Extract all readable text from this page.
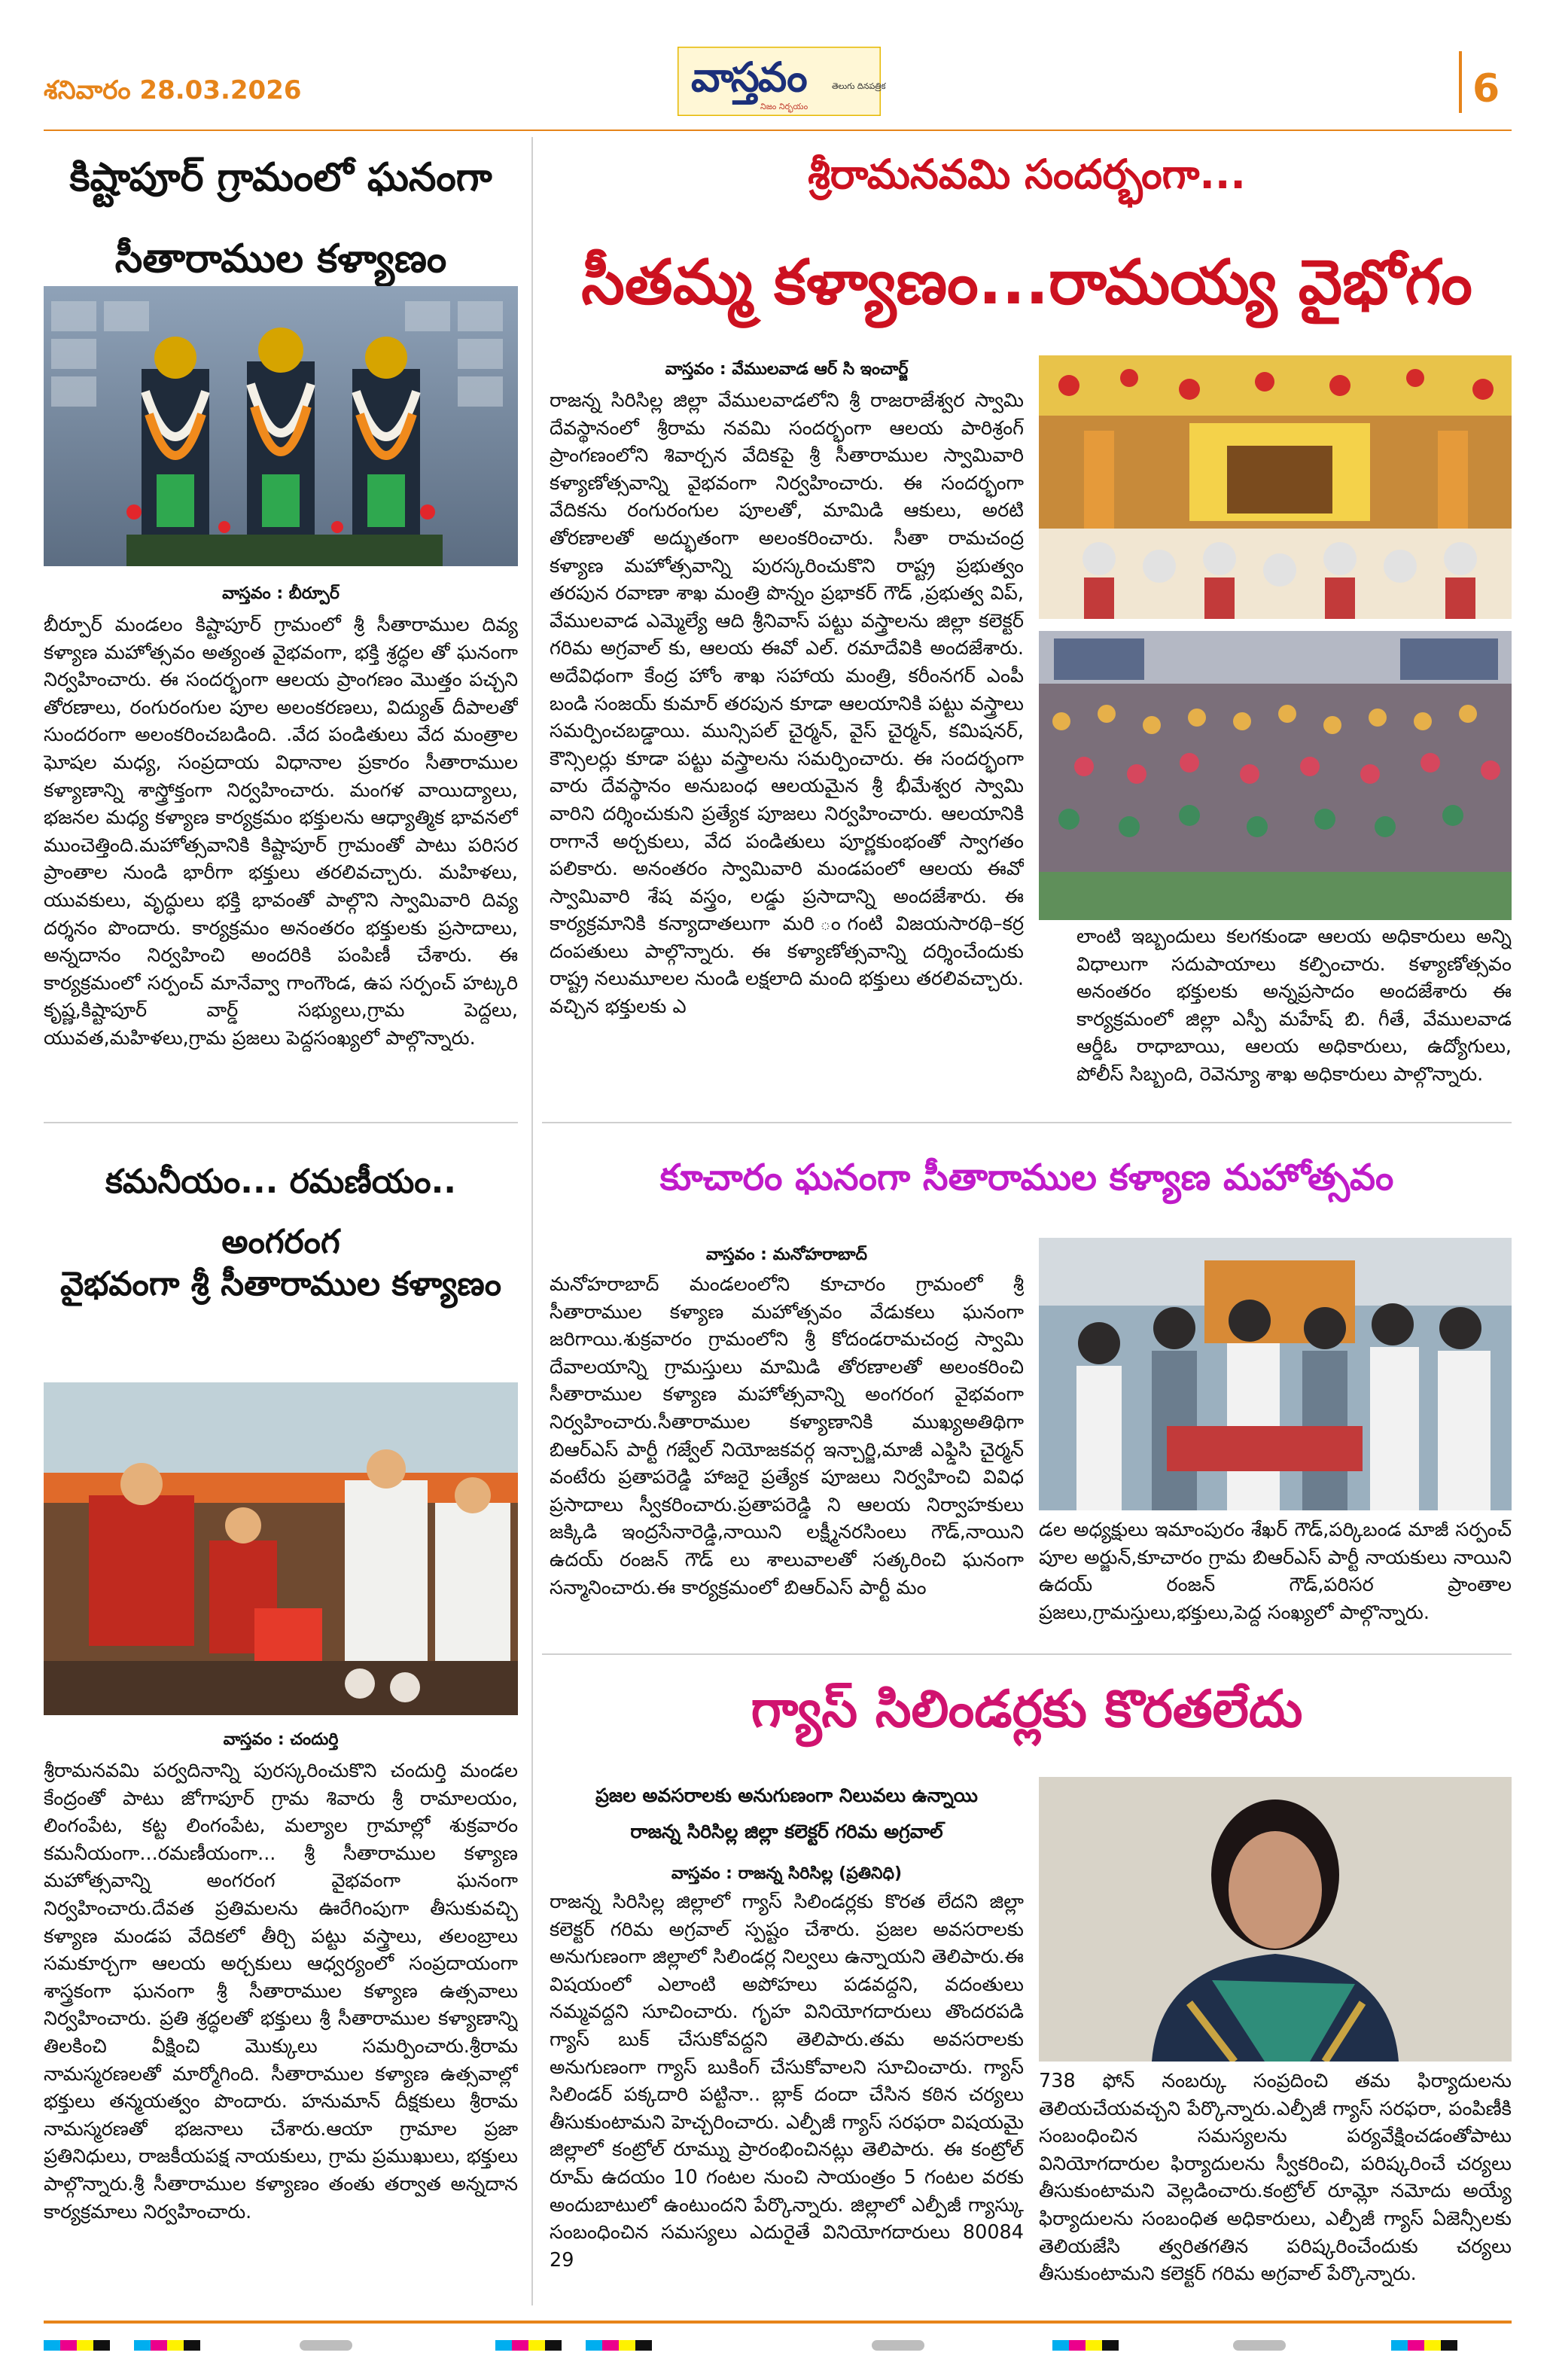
శనివారం 28.03.2026	వాస్తవం	తెలుగు దినపత్రిక
నిజం నిర్భయం	6
కిష్టాపూర్ గ్రామంలో ఘనంగా సీతారాముల కళ్యాణం
వాస్తవం : బీర్పూర్
బీర్పూర్ మండలం కిష్టాపూర్ గ్రామంలో శ్రీ సీతారాముల దివ్య కళ్యాణ మహోత్సవం అత్యంత వైభవంగా, భక్తి శ్రద్ధల తో ఘనంగా నిర్వహించారు. ఈ సందర్భంగా ఆలయ ప్రాంగణం మొత్తం పచ్చని తోరణాలు, రంగురంగుల పూల అలంకరణలు, విద్యుత్ దీపాలతో సుందరంగా అలంకరించబడింది. .వేద పండితులు వేద మంత్రాల ఘోషల మధ్య, సంప్రదాయ విధానాల ప్రకారం సీతారాముల కళ్యాణాన్ని శాస్త్రోక్తంగా నిర్వహించారు. మంగళ వాయిద్యాలు, భజనల మధ్య కళ్యాణ కార్యక్రమం భక్తులను ఆధ్యాత్మిక భావనలో ముంచెత్తింది.మహోత్సవానికి కిష్టాపూర్ గ్రామంతో పాటు పరిసర ప్రాంతాల నుండి భారీగా భక్తులు తరలివచ్చారు. మహిళలు, యువకులు, వృద్ధులు భక్తి భావంతో పాల్గొని స్వామివారి దివ్య దర్శనం పొందారు. కార్యక్రమం అనంతరం భక్తులకు ప్రసాదాలు, అన్నదానం నిర్వహించి అందరికి పంపిణీ చేశారు. ఈ కార్యక్రమంలో సర్పంచ్ మానేవ్వా గాంగౌండ, ఉప సర్పంచ్ హట్కరి కృష్ణ,కిష్టాపూర్ వార్డ్ సభ్యులు,గ్రామ పెద్దలు, యువత,మహిళలు,గ్రామ ప్రజలు పెద్దసంఖ్యలో పాల్గొన్నారు.
శ్రీరామనవమి సందర్భంగా...
సీతమ్మ కళ్యాణం...రామయ్య వైభోగం
వాస్తవం : వేములవాడ ఆర్ సి ఇంచార్జ్
రాజన్న సిరిసిల్ల జిల్లా వేములవాడలోని శ్రీ రాజరాజేశ్వర స్వామి దేవస్థానంలో శ్రీరామ నవమి సందర్భంగా ఆలయ పారిశ్రంగ్ ప్రాంగణంలోని శివార్చన వేదికపై శ్రీ సీతారాముల స్వామివారి కళ్యాణోత్సవాన్ని వైభవంగా నిర్వహించారు. ఈ సందర్భంగా వేదికను రంగురంగుల పూలతో, మామిడి ఆకులు, అరటి తోరణాలతో అద్భుతంగా అలంకరించారు. సీతా రామచంద్ర కళ్యాణ మహోత్సవాన్ని పురస్కరించుకొని రాష్ట్ర ప్రభుత్వం తరపున రవాణా శాఖ మంత్రి పొన్నం ప్రభాకర్ గౌడ్ ,ప్రభుత్వ విప్, వేములవాడ ఎమ్మెల్యే ఆది శ్రీనివాస్ పట్టు వస్త్రాలను జిల్లా కలెక్టర్ గరిమ అగ్రవాల్ కు, ఆలయ ఈవో ఎల్. రమాదేవికి అందజేశారు. అదేవిధంగా కేంద్ర హోం శాఖ సహాయ మంత్రి, కరీంనగర్ ఎంపీ బండి సంజయ్ కుమార్ తరపున కూడా ఆలయానికి పట్టు వస్త్రాలు సమర్పించబడ్డాయి. మున్సిపల్ చైర్మన్, వైస్ చైర్మన్, కమిషనర్, కౌన్సిలర్లు కూడా పట్టు వస్త్రాలను సమర్పించారు. ఈ సందర్భంగా వారు దేవస్థానం అనుబంధ ఆలయమైన శ్రీ భీమేశ్వర స్వామి వారిని దర్శించుకుని ప్రత్యేక పూజలు నిర్వహించారు. ఆలయానికి రాగానే అర్చకులు, వేద పండితులు పూర్ణకుంభంతో స్వాగతం పలికారు. అనంతరం స్వామివారి మండపంలో ఆలయ ఈవో స్వామివారి శేష వస్త్రం, లడ్డు ప్రసాదాన్ని అందజేశారు. ఈ కార్యక్రమానికి కన్యాదాతలుగా మరి ంగంటి విజయసారథి–కర్ర దంపతులు పాల్గొన్నారు. ఈ కళ్యాణోత్సవాన్ని దర్శించేందుకు రాష్ట్ర నలుమూలల నుండి లక్షలాది మంది భక్తులు తరలివచ్చారు. వచ్చిన భక్తులకు ఎ
లాంటి ఇబ్బందులు కలగకుండా ఆలయ అధికారులు అన్ని విధాలుగా సదుపాయాలు కల్పించారు. కళ్యాణోత్సవం అనంతరం భక్తులకు అన్నప్రసాదం అందజేశారు ఈ కార్యక్రమంలో జిల్లా ఎస్పీ మహేష్ బి. గీతే, వేములవాడ ఆర్డీఓ రాధాబాయి, ఆలయ అధికారులు, ఉద్యోగులు, పోలీస్ సిబ్బంది, రెవెన్యూ శాఖ అధికారులు పాల్గొన్నారు.
కమనీయం... రమణీయం.. అంగరంగ
వైభవంగా శ్రీ సీతారాముల కళ్యాణం
వాస్తవం : చందుర్తి
శ్రీరామనవమి పర్వదినాన్ని పురస్కరించుకొని చందుర్తి మండల కేంద్రంతో పాటు జోగాపూర్ గ్రామ శివారు శ్రీ రామాలయం, లింగంపేట, కట్ట లింగంపేట, మల్యాల గ్రామాల్లో శుక్రవారం కమనీయంగా...రమణీయంగా... శ్రీ సీతారాముల కళ్యాణ మహోత్సవాన్ని అంగరంగ వైభవంగా ఘనంగా నిర్వహించారు.దేవత ప్రతిమలను ఊరేగింపుగా తీసుకువచ్చి కళ్యాణ మండప వేదికలో తీర్చి పట్టు వస్త్రాలు, తలంబ్రాలు సమకూర్చగా ఆలయ అర్చకులు ఆధ్వర్యంలో సంప్రదాయంగా శాస్త్రకంగా ఘనంగా శ్రీ సీతారాముల కళ్యాణ ఉత్సవాలు నిర్వహించారు. ప్రతి శ్రద్ధలతో భక్తులు శ్రీ సీతారాముల కళ్యాణాన్ని తిలకించి వీక్షించి మొక్కులు సమర్పించారు.శ్రీరామ నామస్మరణలతో మార్మోగింది. సీతారాముల కళ్యాణ ఉత్సవాల్లో భక్తులు తన్మయత్వం పొందారు. హనుమాన్ దీక్షకులు శ్రీరామ నామస్మరణతో భజనాలు చేశారు.ఆయా గ్రామాల ప్రజా ప్రతినిధులు, రాజకీయపక్ష నాయకులు, గ్రామ ప్రముఖులు, భక్తులు పాల్గొన్నారు.శ్రీ సీతారాముల కళ్యాణం తంతు తర్వాత అన్నదాన కార్యక్రమాలు నిర్వహించారు.
కూచారం ఘనంగా సీతారాముల కళ్యాణ మహోత్సవం
వాస్తవం : మనోహరాబాద్
మనోహరాబాద్ మండలంలోని కూచారం గ్రామంలో శ్రీ సీతారాముల కళ్యాణ మహోత్సవం వేడుకలు ఘనంగా జరిగాయి.శుక్రవారం గ్రామంలోని శ్రీ కోదండరామచంద్ర స్వామి దేవాలయాన్ని గ్రామస్తులు మామిడి తోరణాలతో అలంకరించి సీతారాముల కళ్యాణ మహోత్సవాన్ని అంగరంగ వైభవంగా నిర్వహించారు.సీతారాముల కళ్యాణానికి ముఖ్యఅతిథిగా బిఆర్ఎస్ పార్టీ గజ్వేల్ నియోజకవర్గ ఇన్చార్జి,మాజీ ఎఫ్డిసి చైర్మన్ వంటేరు ప్రతాపరెడ్డి హాజరై ప్రత్యేక పూజలు నిర్వహించి వివిధ ప్రసాదాలు స్వీకరించారు.ప్రతాపరెడ్డి ని ఆలయ నిర్వాహకులు జక్కిడి ఇంద్రసేనారెడ్డి,నాయిని లక్ష్మీనరసింలు గౌడ్,నాయిని ఉదయ్ రంజన్ గౌడ్ లు శాలువాలతో సత్కరించి ఘనంగా సన్మానించారు.ఈ కార్యక్రమంలో బిఆర్ఎస్ పార్టీ మం
డల అధ్యక్షులు ఇమాంపురం శేఖర్ గౌడ్,పర్కిబండ మాజీ సర్పంచ్ పూల అర్జున్,కూచారం గ్రామ బిఆర్ఎస్ పార్టీ నాయకులు నాయిని ఉదయ్ రంజన్ గౌడ్,పరిసర ప్రాంతాల ప్రజలు,గ్రామస్తులు,భక్తులు,పెద్ద సంఖ్యలో పాల్గొన్నారు.
గ్యాస్ సిలిండర్లకు కొరతలేదు
ప్రజల అవసరాలకు అనుగుణంగా నిలువలు ఉన్నాయి
రాజన్న సిరిసిల్ల జిల్లా కలెక్టర్ గరిమ అగ్రవాల్
వాస్తవం : రాజన్న సిరిసిల్ల (ప్రతినిధి)
రాజన్న సిరిసిల్ల జిల్లాలో గ్యాస్ సిలిండర్లకు కొరత లేదని జిల్లా కలెక్టర్ గరిమ అగ్రవాల్ స్పష్టం చేశారు. ప్రజల అవసరాలకు అనుగుణంగా జిల్లాలో సిలిండర్ల నిల్వలు ఉన్నాయని తెలిపారు.ఈ విషయంలో ఎలాంటి అపోహలు పడవద్దని, వదంతులు నమ్మవద్దని సూచించారు. గృహ వినియోగదారులు తొందరపడి గ్యాస్ బుక్ చేసుకోవద్దని తెలిపారు.తమ అవసరాలకు అనుగుణంగా గ్యాస్ బుకింగ్ చేసుకోవాలని సూచించారు. గ్యాస్ సిలిండర్ పక్కదారి పట్టినా.. బ్లాక్ దందా చేసిన కఠిన చర్యలు తీసుకుంటామని హెచ్చరించారు. ఎల్పీజీ గ్యాస్ సరఫరా విషయమై జిల్లాలో కంట్రోల్ రూమ్ను ప్రారంభించినట్లు తెలిపారు. ఈ కంట్రోల్ రూమ్ ఉదయం 10 గంటల నుంచి సాయంత్రం 5 గంటల వరకు అందుబాటులో ఉంటుందని పేర్కొన్నారు. జిల్లాలో ఎల్పీజీ గ్యాస్కు సంబంధించిన సమస్యలు ఎదురైతే వినియోగదారులు 80084 29
738 ఫోన్ నంబర్కు సంప్రదించి తమ ఫిర్యాదులను తెలియచేయవచ్చని పేర్కొన్నారు.ఎల్పీజీ గ్యాస్ సరఫరా, పంపిణీకి సంబంధించిన సమస్యలను పర్యవేక్షించడంతోపాటు వినియోగదారుల ఫిర్యాదులను స్వీకరించి, పరిష్కరించే చర్యలు తీసుకుంటామని వెల్లడించారు.కంట్రోల్ రూమ్లో నమోదు అయ్యే ఫిర్యాదులను సంబంధిత అధికారులు, ఎల్పీజీ గ్యాస్ ఏజెన్సీలకు తెలియజేసి త్వరితగతిన పరిష్కరించేందుకు చర్యలు తీసుకుంటామని కలెక్టర్ గరిమ అగ్రవాల్ పేర్కొన్నారు.
